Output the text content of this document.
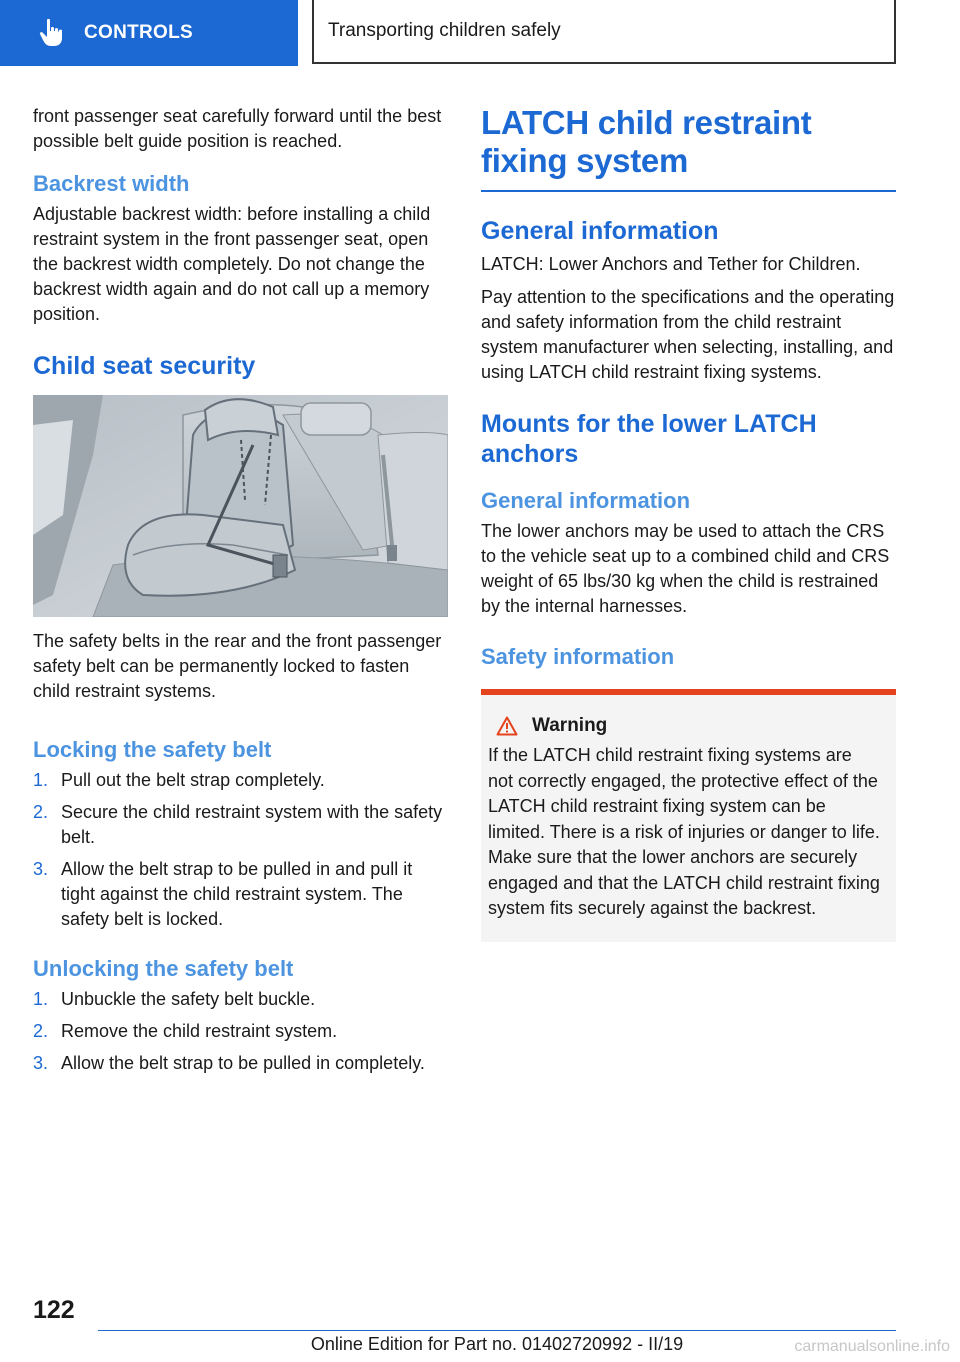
CONTROLS	Transporting children safely

front passenger seat carefully forward until the best possible belt guide position is reached.

Backrest width

Adjustable backrest width: before installing a child restraint system in the front passenger seat, open the backrest width completely. Do not change the backrest width again and do not call up a memory position.

Child seat security

The safety belts in the rear and the front passenger safety belt can be permanently locked to fasten child restraint systems.

Locking the safety belt
1. Pull out the belt strap completely.
2. Secure the child restraint system with the safety belt.
3. Allow the belt strap to be pulled in and pull it tight against the child restraint system. The safety belt is locked.
Unlocking the safety belt
1. Unbuckle the safety belt buckle.
2. Remove the child restraint system.
3. Allow the belt strap to be pulled in completely.
LATCH child restraint fixing system
General information

LATCH: Lower Anchors and Tether for Children.

Pay attention to the specifications and the operating and safety information from the child restraint system manufacturer when selecting, installing, and using LATCH child restraint fixing systems.

Mounts for the lower LATCH anchors
General information

The lower anchors may be used to attach the CRS to the vehicle seat up to a combined child and CRS weight of 65 lbs/30 kg when the child is restrained by the internal harnesses.

Safety information
Warning

If the LATCH child restraint fixing systems are not correctly engaged, the protective effect of the LATCH child restraint fixing system can be limited. There is a risk of injuries or danger to life. Make sure that the lower anchors are securely engaged and that the LATCH child restraint fixing system fits securely against the backrest.

122
Online Edition for Part no. 01402720992 - II/19	carmanualsonline.info
